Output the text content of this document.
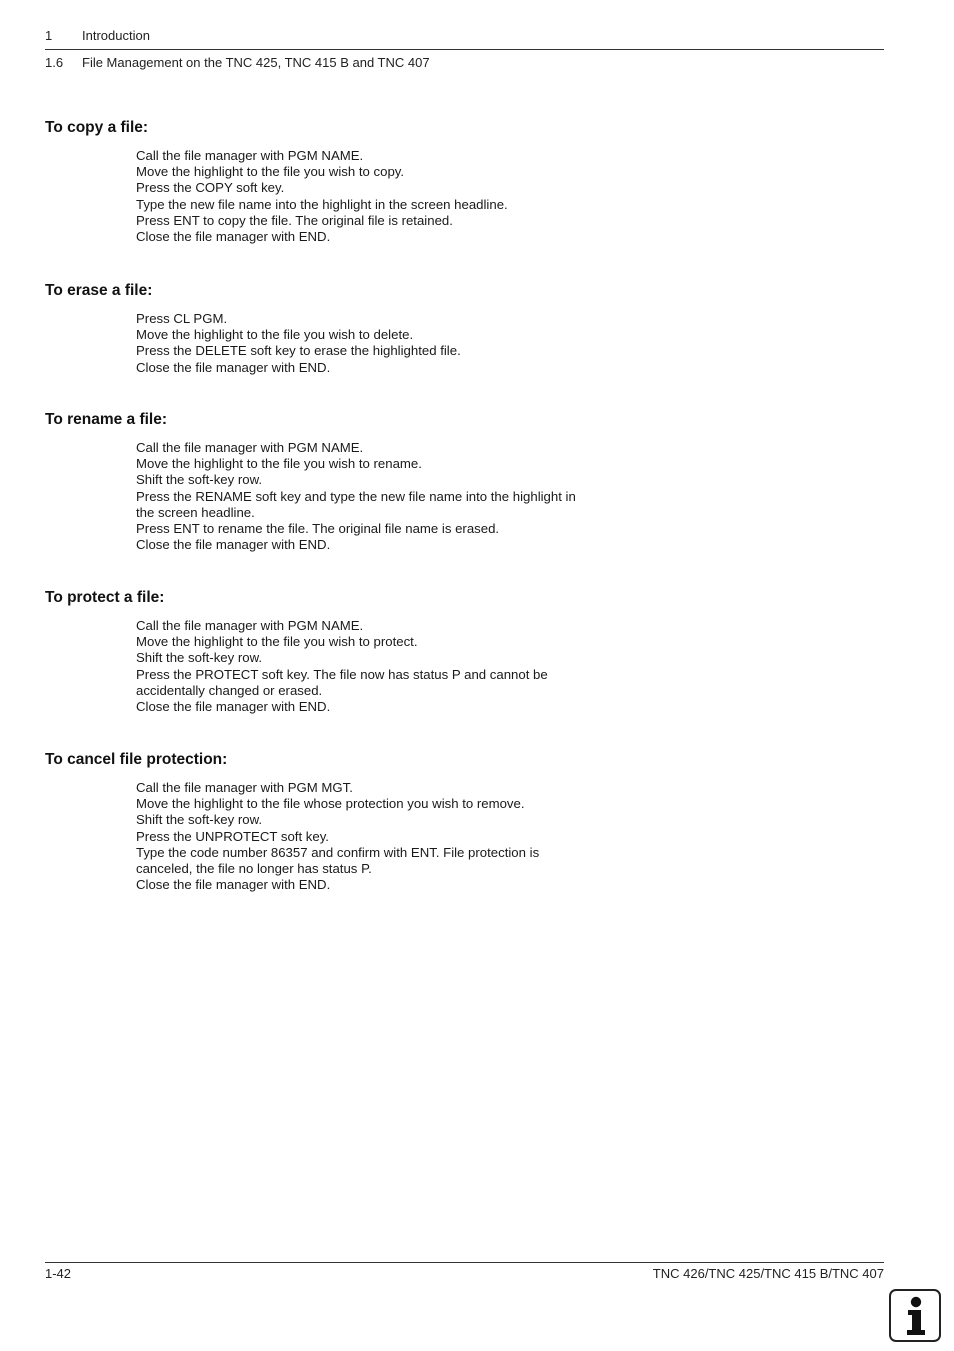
1 Introduction
1.6 File Management on the TNC 425, TNC 415 B and TNC 407
To copy a file:
Call the file manager with PGM NAME.
Move the highlight to the file you wish to copy.
Press the COPY soft key.
Type the new file name into the highlight in the screen headline.
Press ENT to copy the file. The original file is retained.
Close the file manager with END.
To erase a file:
Press CL PGM.
Move the highlight to the file you wish to delete.
Press the DELETE soft key to erase the highlighted file.
Close the file manager with END.
To rename a file:
Call the file manager with PGM NAME.
Move the highlight to the file you wish to rename.
Shift the soft-key row.
Press the RENAME soft key and type the new file name into the highlight in the screen headline.
Press ENT to rename the file. The original file name is erased.
Close the file manager with END.
To protect a file:
Call the file manager with PGM NAME.
Move the highlight to the file you wish to protect.
Shift the soft-key row.
Press the PROTECT soft key. The file now has status P and cannot be accidentally changed or erased.
Close the file manager with END.
To cancel file protection:
Call the file manager with PGM MGT.
Move the highlight to the file whose protection you wish to remove.
Shift the soft-key row.
Press the UNPROTECT soft key.
Type the code number 86357 and confirm with ENT. File protection is canceled, the file no longer has status P.
Close the file manager with END.
1-42	TNC 426/TNC 425/TNC 415 B/TNC 407
